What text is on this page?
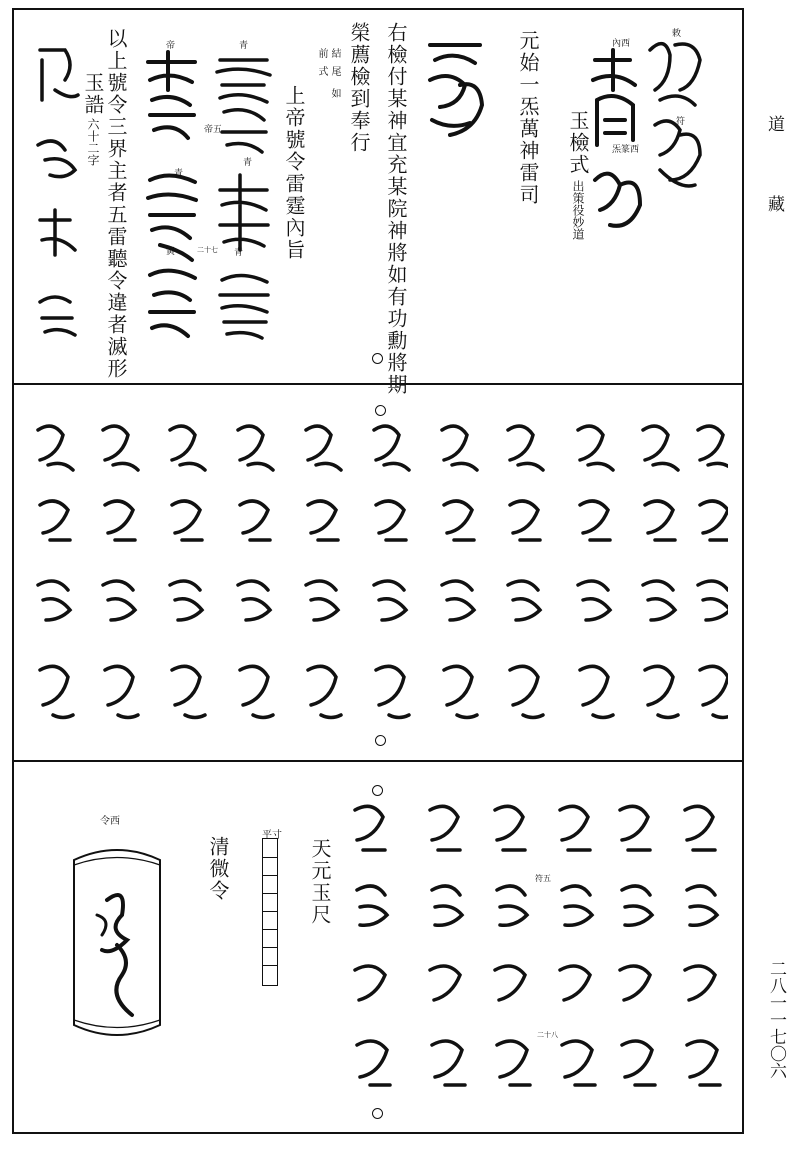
道
藏
二八一一七〇六
元始一炁萬神雷司 玉檢式
出策役妙道
右檢付某神宜充某院神將如有功勳將期
榮薦檢到奉行
結
尾
如
前
式
上帝號令雷霆內旨
以上號令三界主者五雷聽令違者滅形
玉誥
六十二字
敕
符
內西
炁篆西
帝	青
青
帝五
青
二十七 青
黃
令西
清微令
平寸
天元玉尺	符五
二十八
